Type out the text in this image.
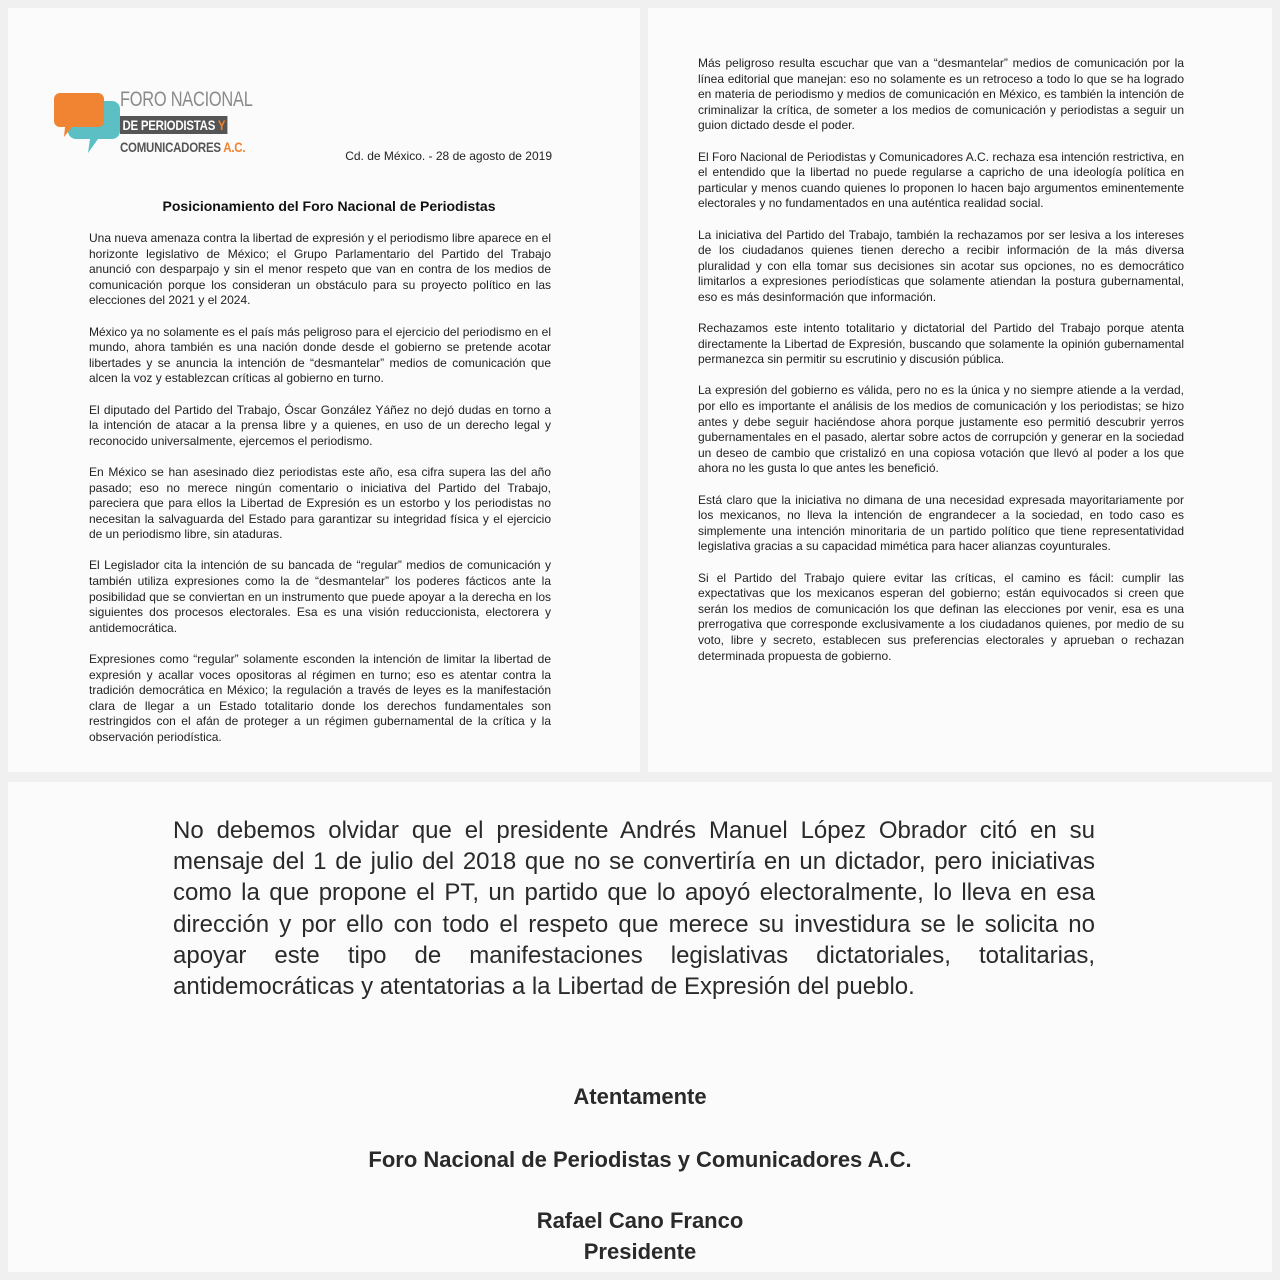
FORO NACIONAL
DE PERIODISTAS Y
COMUNICADORES A.C.
Cd. de México. - 28 de agosto de 2019
Posicionamiento del Foro Nacional de Periodistas

Una nueva amenaza contra la libertad de expresión y el periodismo libre aparece en el horizonte legislativo de México; el Grupo Parlamentario del Partido del Trabajo anunció con desparpajo y sin el menor respeto que van en contra de los medios de comunicación porque los consideran un obstáculo para su proyecto político en las elecciones del 2021 y el 2024.

México ya no solamente es el país más peligroso para el ejercicio del periodismo en el mundo, ahora también es una nación donde desde el gobierno se pretende acotar libertades y se anuncia la intención de “desmantelar” medios de comunicación que alcen la voz y establezcan críticas al gobierno en turno.

El diputado del Partido del Trabajo, Óscar González Yáñez no dejó dudas en torno a la intención de atacar a la prensa libre y a quienes, en uso de un derecho legal y reconocido universalmente, ejercemos el periodismo.

En México se han asesinado diez periodistas este año, esa cifra supera las del año pasado; eso no merece ningún comentario o iniciativa del Partido del Trabajo, pareciera que para ellos la Libertad de Expresión es un estorbo y los periodistas no necesitan la salvaguarda del Estado para garantizar su integridad física y el ejercicio de un periodismo libre, sin ataduras.

El Legislador cita la intención de su bancada de “regular” medios de comunicación y también utiliza expresiones como la de “desmantelar” los poderes fácticos ante la posibilidad que se conviertan en un instrumento que puede apoyar a la derecha en los siguientes dos procesos electorales. Esa es una visión reduccionista, electorera y antidemocrática.

Expresiones como “regular” solamente esconden la intención de limitar la libertad de expresión y acallar voces opositoras al régimen en turno; eso es atentar contra la tradición democrática en México; la regulación a través de leyes es la manifestación clara de llegar a un Estado totalitario donde los derechos fundamentales son restringidos con el afán de proteger a un régimen gubernamental de la crítica y la observación periodística.

Más peligroso resulta escuchar que van a “desmantelar” medios de comunicación por la línea editorial que manejan: eso no solamente es un retroceso a todo lo que se ha logrado en materia de periodismo y medios de comunicación en México, es también la intención de criminalizar la crítica, de someter a los medios de comunicación y periodistas a seguir un guion dictado desde el poder.

El Foro Nacional de Periodistas y Comunicadores A.C. rechaza esa intención restrictiva, en el entendido que la libertad no puede regularse a capricho de una ideología política en particular y menos cuando quienes lo proponen lo hacen bajo argumentos eminentemente electorales y no fundamentados en una auténtica realidad social.

La iniciativa del Partido del Trabajo, también la rechazamos por ser lesiva a los intereses de los ciudadanos quienes tienen derecho a recibir información de la más diversa pluralidad y con ella tomar sus decisiones sin acotar sus opciones, no es democrático limitarlos a expresiones periodísticas que solamente atiendan la postura gubernamental, eso es más desinformación que información.

Rechazamos este intento totalitario y dictatorial del Partido del Trabajo porque atenta directamente la Libertad de Expresión, buscando que solamente la opinión gubernamental permanezca sin permitir su escrutinio y discusión pública.

La expresión del gobierno es válida, pero no es la única y no siempre atiende a la verdad, por ello es importante el análisis de los medios de comunicación y los periodistas; se hizo antes y debe seguir haciéndose ahora porque justamente eso permitió descubrir yerros gubernamentales en el pasado, alertar sobre actos de corrupción y generar en la sociedad un deseo de cambio que cristalizó en una copiosa votación que llevó al poder a los que ahora no les gusta lo que antes les benefició.

Está claro que la iniciativa no dimana de una necesidad expresada mayoritariamente por los mexicanos, no lleva la intención de engrandecer a la sociedad, en todo caso es simplemente una intención minoritaria de un partido político que tiene representatividad legislativa gracias a su capacidad mimética para hacer alianzas coyunturales.

Si el Partido del Trabajo quiere evitar las críticas, el camino es fácil: cumplir las expectativas que los mexicanos esperan del gobierno; están equivocados si creen que serán los medios de comunicación los que definan las elecciones por venir, esa es una prerrogativa que corresponde exclusivamente a los ciudadanos quienes, por medio de su voto, libre y secreto, establecen sus preferencias electorales y aprueban o rechazan determinada propuesta de gobierno.

No debemos olvidar que el presidente Andrés Manuel López Obrador citó en su mensaje del 1 de julio del 2018 que no se convertiría en un dictador, pero iniciativas como la que propone el PT, un partido que lo apoyó electoralmente, lo lleva en esa dirección y por ello con todo el respeto que merece su investidura se le solicita no apoyar este tipo de manifestaciones legislativas dictatoriales, totalitarias, antidemocráticas y atentatorias a la Libertad de Expresión del pueblo.
Atentamente
Foro Nacional de Periodistas y Comunicadores A.C.
Rafael Cano Franco
Presidente
